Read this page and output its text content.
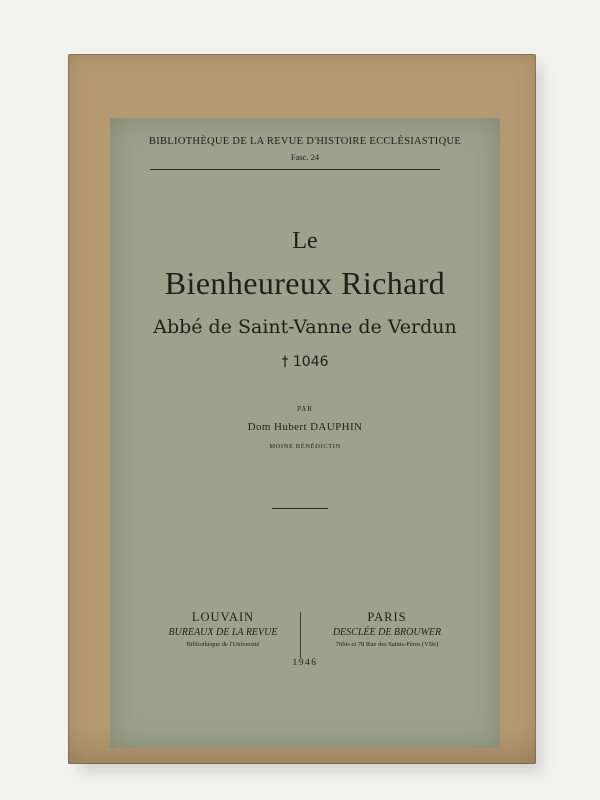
BIBLIOTHÈQUE DE LA REVUE D'HISTOIRE ECCLÉSIASTIQUE
Fasc. 24
Le
Bienheureux Richard
Abbé de Saint-Vanne de Verdun
† 1046
PAR
Dom Hubert DAUPHIN
MOINE BÉNÉDICTIN
LOUVAIN
BUREAUX DE LA REVUE
Bibliothèque de l'Université
PARIS
DESCLÉE DE BROUWER
76bis et 78 Rue des Saints-Pères (VIIe)
1946
